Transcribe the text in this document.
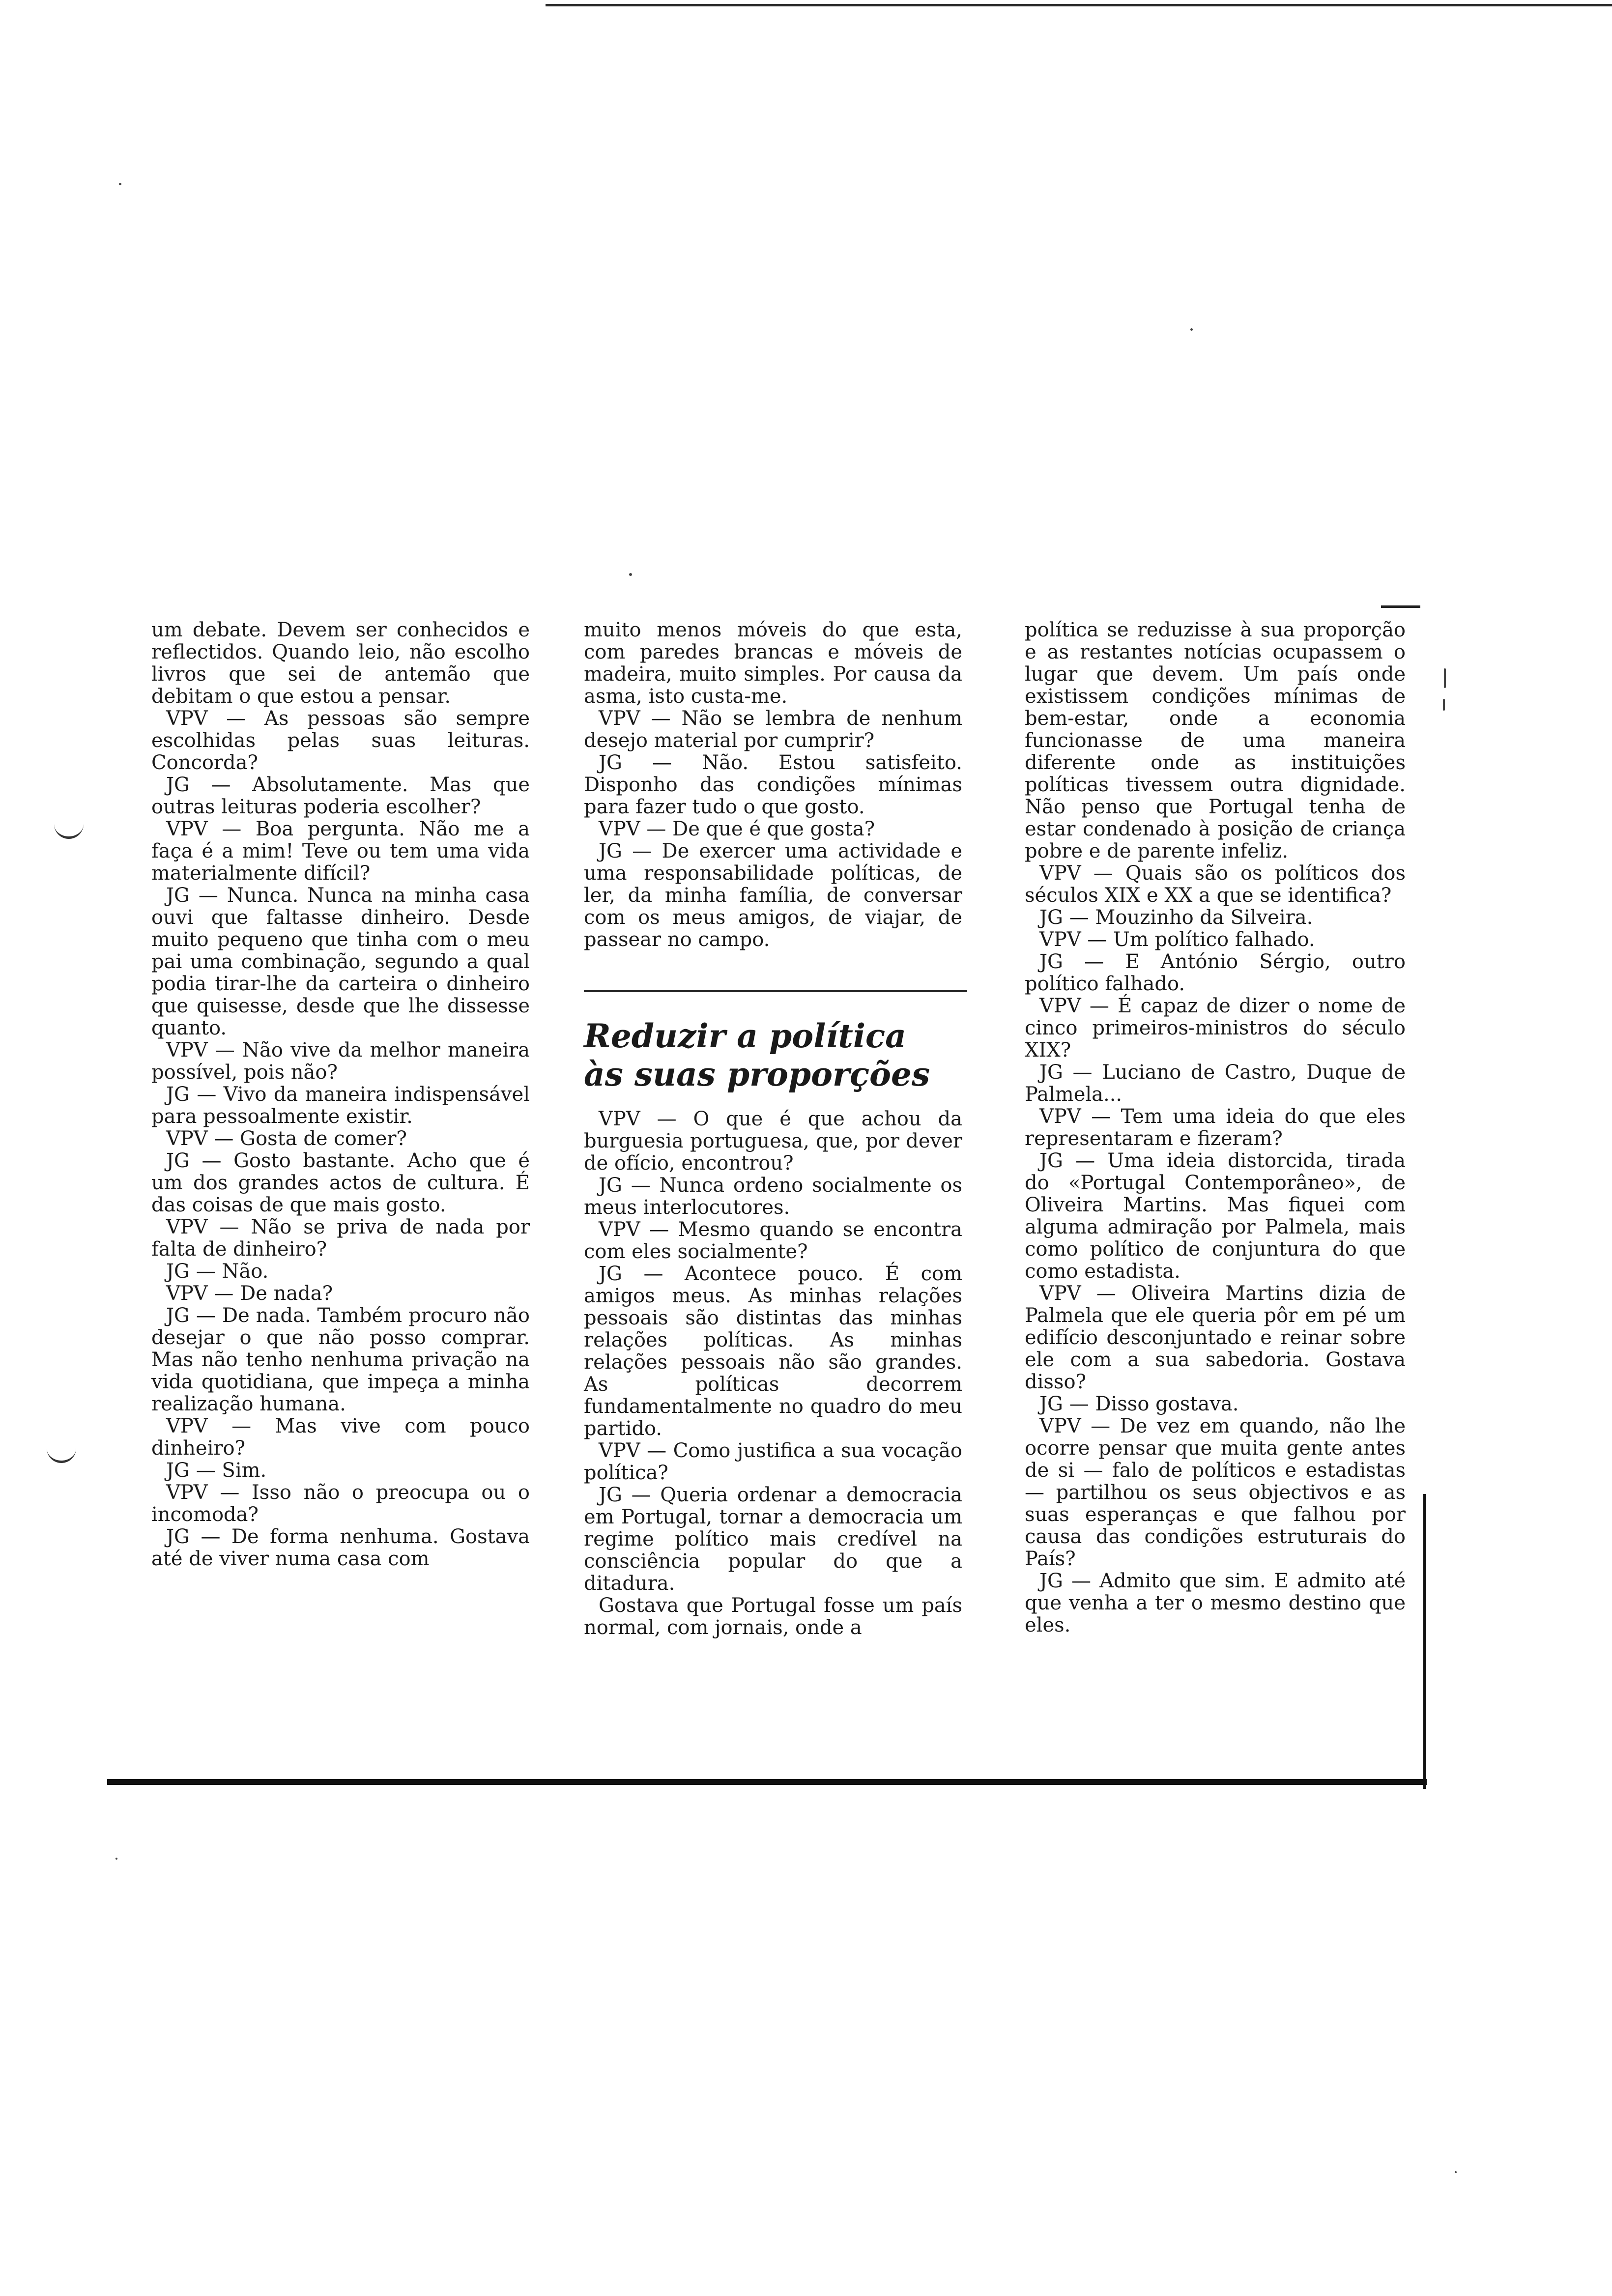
um debate. Devem ser conhecidos e reflectidos. Quando leio, não escolho livros que sei de antemão que debitam o que estou a pensar.

VPV — As pessoas são sempre escolhidas pelas suas leituras. Concorda?

JG — Absolutamente. Mas que outras leituras poderia escolher?

VPV — Boa pergunta. Não me a faça é a mim! Teve ou tem uma vida materialmente difícil?

JG — Nunca. Nunca na minha casa ouvi que faltasse dinheiro. Desde muito pequeno que tinha com o meu pai uma combinação, segundo a qual podia tirar-lhe da carteira o dinheiro que quisesse, desde que lhe dissesse quanto.

VPV — Não vive da melhor maneira possível, pois não?

JG — Vivo da maneira indispensável para pessoalmente existir.

VPV — Gosta de comer?

JG — Gosto bastante. Acho que é um dos grandes actos de cultura. É das coisas de que mais gosto.

VPV — Não se priva de nada por falta de dinheiro?

JG — Não.

VPV — De nada?

JG — De nada. Também procuro não desejar o que não posso comprar. Mas não tenho nenhuma privação na vida quotidiana, que impeça a minha realização humana.

VPV — Mas vive com pouco dinheiro?

JG — Sim.

VPV — Isso não o preocupa ou o incomoda?

JG — De forma nenhuma. Gostava até de viver numa casa com

muito menos móveis do que esta, com paredes brancas e móveis de madeira, muito simples. Por causa da asma, isto custa-me.

VPV — Não se lembra de nenhum desejo material por cumprir?

JG — Não. Estou satisfeito. Disponho das condições mínimas para fazer tudo o que gosto.

VPV — De que é que gosta?

JG — De exercer uma actividade e uma responsabilidade políticas, de ler, da minha família, de conversar com os meus amigos, de viajar, de passear no campo.

Reduzir a política
às suas proporções

VPV — O que é que achou da burguesia portuguesa, que, por dever de ofício, encontrou?

JG — Nunca ordeno socialmente os meus interlocutores.

VPV — Mesmo quando se encontra com eles socialmente?

JG — Acontece pouco. É com amigos meus. As minhas relações pessoais são distintas das minhas relações políticas. As minhas relações pessoais não são grandes. As políticas decorrem fundamentalmente no quadro do meu partido.

VPV — Como justifica a sua vocação política?

JG — Queria ordenar a democracia em Portugal, tornar a democracia um regime político mais credível na consciência popular do que a ditadura.

Gostava que Portugal fosse um país normal, com jornais, onde a

política se reduzisse à sua proporção e as restantes notícias ocupassem o lugar que devem. Um país onde existissem condições mínimas de bem-estar, onde a economia funcionasse de uma maneira diferente onde as instituições políticas tivessem outra dignidade. Não penso que Portugal tenha de estar condenado à posição de criança pobre e de parente infeliz.

VPV — Quais são os políticos dos séculos XIX e XX a que se identifica?

JG — Mouzinho da Silveira.

VPV — Um político falhado.

JG — E António Sérgio, outro político falhado.

VPV — É capaz de dizer o nome de cinco primeiros-ministros do século XIX?

JG — Luciano de Castro, Duque de Palmela...

VPV — Tem uma ideia do que eles representaram e fizeram?

JG — Uma ideia distorcida, tirada do «Portugal Contemporâneo», de Oliveira Martins. Mas fiquei com alguma admiração por Palmela, mais como político de conjuntura do que como estadista.

VPV — Oliveira Martins dizia de Palmela que ele queria pôr em pé um edifício desconjuntado e reinar sobre ele com a sua sabedoria. Gostava disso?

JG — Disso gostava.

VPV — De vez em quando, não lhe ocorre pensar que muita gente antes de si — falo de políticos e estadistas — partilhou os seus objectivos e as suas esperanças e que falhou por causa das condições estruturais do País?

JG — Admito que sim. E admito até que venha a ter o mesmo destino que eles.
